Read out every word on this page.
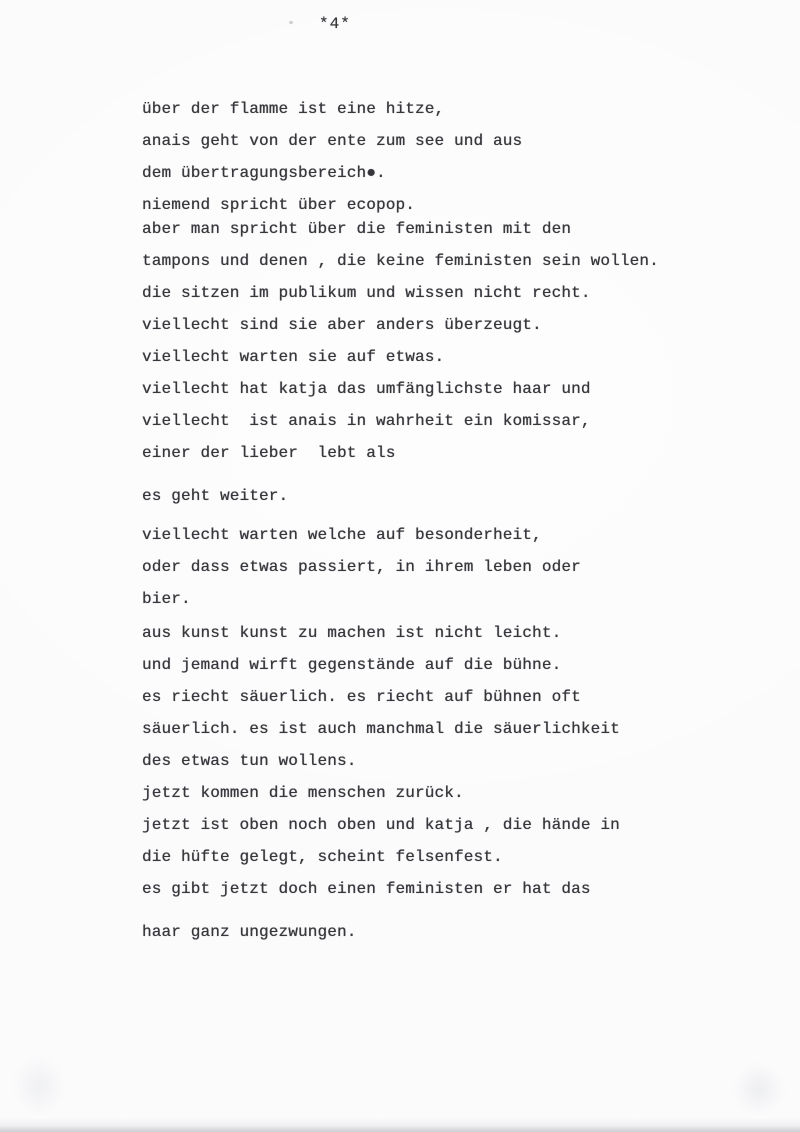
*4*
über der flamme ist eine hitze,
anais geht von der ente zum see und aus
dem übertragungsbereich●.
niemend spricht über ecopop.
aber man spricht über die feministen mit den
tampons und denen , die keine feministen sein wollen.
die sitzen im publikum und wissen nicht recht.
viellecht sind sie aber anders überzeugt.
viellecht warten sie auf etwas.
viellecht hat katja das umfänglichste haar und
viellecht  ist anais in wahrheit ein komissar,
einer der lieber  lebt als
es geht weiter.
viellecht warten welche auf besonderheit,
oder dass etwas passiert, in ihrem leben oder
bier.
aus kunst kunst zu machen ist nicht leicht.
und jemand wirft gegenstände auf die bühne.
es riecht säuerlich. es riecht auf bühnen oft
säuerlich. es ist auch manchmal die säuerlichkeit
des etwas tun wollens.
jetzt kommen die menschen zurück.
jetzt ist oben noch oben und katja , die hände in
die hüfte gelegt, scheint felsenfest.
es gibt jetzt doch einen feministen er hat das
haar ganz ungezwungen.
